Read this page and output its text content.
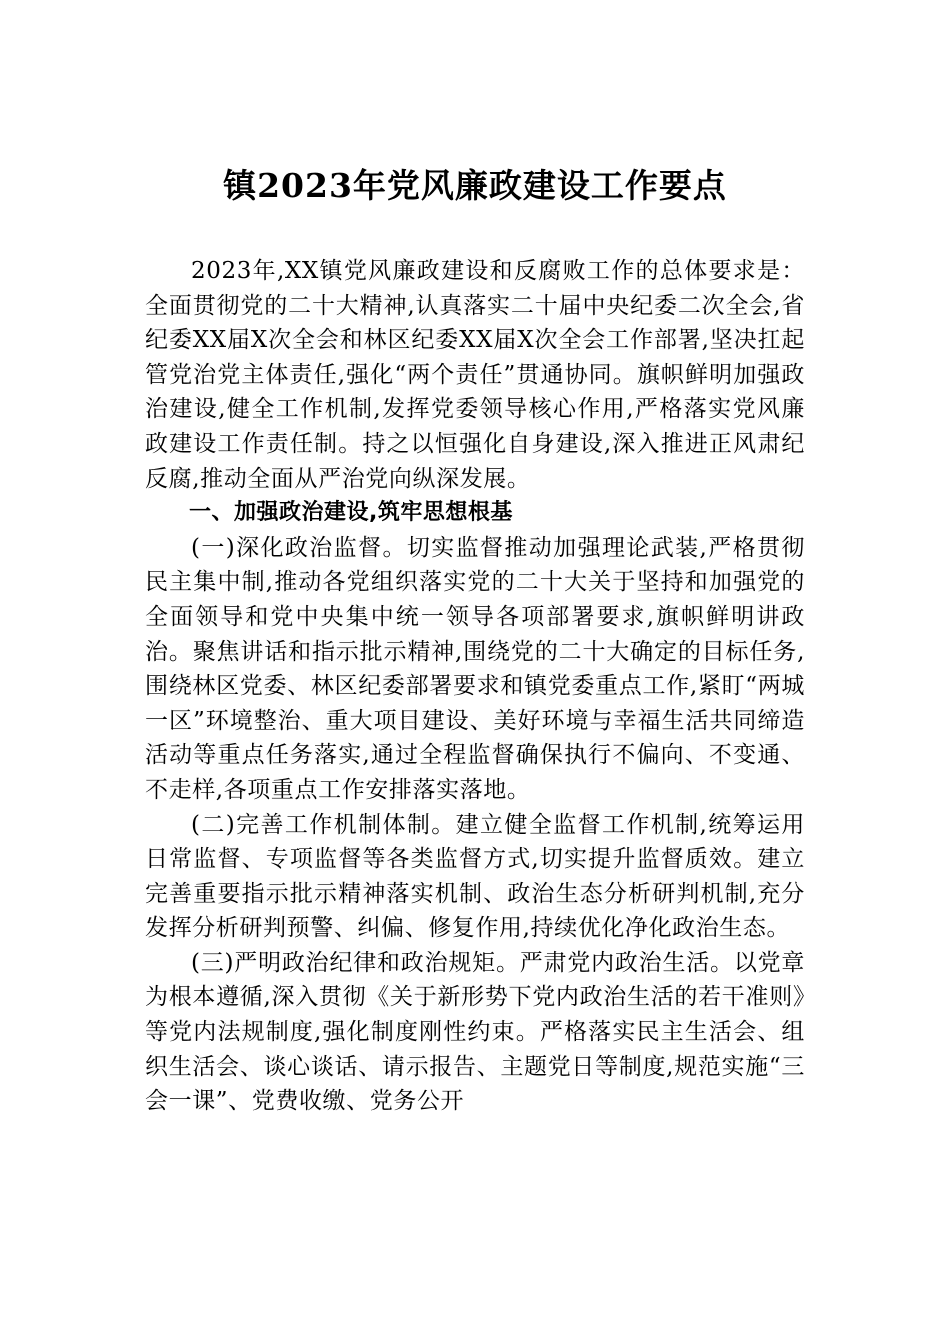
镇2023年党风廉政建设工作要点

2023年,XX镇党风廉政建设和反腐败工作的总体要求是：全面贯彻党的二十大精神,认真落实二十届中央纪委二次全会,省纪委XX届X次全会和林区纪委XX届X次全会工作部署,坚决扛起管党治党主体责任,强化“两个责任”贯通协同。旗帜鲜明加强政治建设,健全工作机制,发挥党委领导核心作用,严格落实党风廉政建设工作责任制。持之以恒强化自身建设,深入推进正风肃纪反腐,推动全面从严治党向纵深发展。

一、加强政治建设,筑牢思想根基

(一)深化政治监督。切实监督推动加强理论武装,严格贯彻民主集中制,推动各党组织落实党的二十大关于坚持和加强党的全面领导和党中央集中统一领导各项部署要求,旗帜鲜明讲政治。聚焦讲话和指示批示精神,围绕党的二十大确定的目标任务,围绕林区党委、林区纪委部署要求和镇党委重点工作,紧盯“两城一区”环境整治、重大项目建设、美好环境与幸福生活共同缔造活动等重点任务落实,通过全程监督确保执行不偏向、不变通、不走样,各项重点工作安排落实落地。

(二)完善工作机制体制。建立健全监督工作机制,统筹运用日常监督、专项监督等各类监督方式,切实提升监督质效。建立完善重要指示批示精神落实机制、政治生态分析研判机制,充分发挥分析研判预警、纠偏、修复作用,持续优化净化政治生态。

(三)严明政治纪律和政治规矩。严肃党内政治生活。以党章为根本遵循,深入贯彻《关于新形势下党内政治生活的若干准则》等党内法规制度,强化制度刚性约束。严格落实民主生活会、组织生活会、谈心谈话、请示报告、主题党日等制度,规范实施“三会一课”、党费收缴、党务公开
